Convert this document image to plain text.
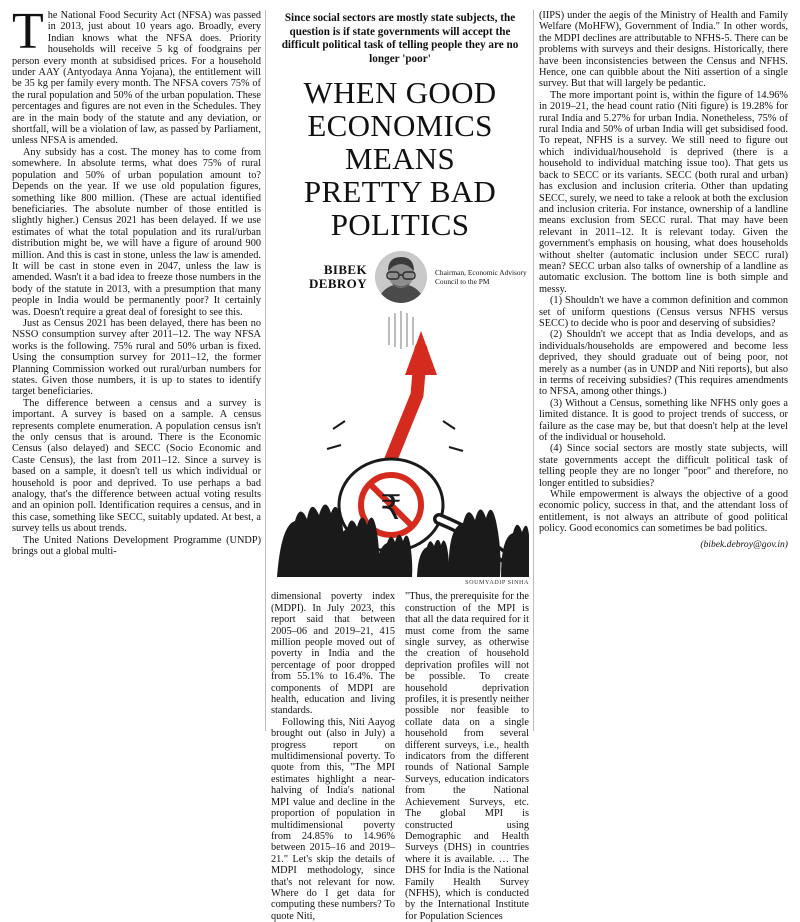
T he National Food Security Act (NFSA) was passed in 2013, just about 10 years ago. Broadly, every Indian knows what the NFSA does. Priority households will receive 5 kg of foodgrains per person every month at subsidised prices. For a household under AAY (Antyodaya Anna Yojana), the entitlement will be 35 kg per family every month. The NFSA covers 75% of the rural population and 50% of the urban population. These percentages and figures are not even in the Schedules. They are in the main body of the statute and any deviation, or shortfall, will be a violation of law, as passed by Parliament, unless NFSA is amended.

Any subsidy has a cost. The money has to come from somewhere. In absolute terms, what does 75% of rural population and 50% of urban population amount to? Depends on the year. If we use old population figures, something like 800 million. (These are actual identified beneficiaries. The absolute number of those entitled is slightly higher.) Census 2021 has been delayed. If we use estimates of what the total population and its rural/urban distribution might be, we will have a figure of around 900 million. And this is cast in stone, unless the law is amended. It will be cast in stone even in 2047, unless the law is amended. Wasn't it a bad idea to freeze those numbers in the body of the statute in 2013, with a presumption that many people in India would be permanently poor? It certainly was. Doesn't require a great deal of foresight to see this.

Just as Census 2021 has been delayed, there has been no NSSO consumption survey after 2011–12. The way NFSA works is the following. 75% rural and 50% urban is fixed. Using the consumption survey for 2011–12, the former Planning Commission worked out rural/urban numbers for states. Given those numbers, it is up to states to identify target beneficiaries.

The difference between a census and a survey is important. A survey is based on a sample. A census represents complete enumeration. A population census isn't the only census that is around. There is the Economic Census (also delayed) and SECC (Socio Economic and Caste Census), the last from 2011–12. Since a survey is based on a sample, it doesn't tell us which individual or household is poor and deprived. To use perhaps a bad analogy, that's the difference between actual voting results and an opinion poll. Identification requires a census, and in this case, something like SECC, suitably updated. At best, a survey tells us about trends.

The United Nations Development Programme (UNDP) brings out a global multi-

Since social sectors are mostly state subjects, the question is if state governments will accept the difficult political task of telling people they are no longer 'poor'
WHEN GOOD
ECONOMICS MEANS
PRETTY BAD POLITICS
BIBEK
DEBROY
Chairman, Economic Advisory Council to the PM
₹
SOUMYADIP SINHA

dimensional poverty index (MDPI). In July 2023, this report said that between 2005–06 and 2019–21, 415 million people moved out of poverty in India and the percentage of poor dropped from 55.1% to 16.4%. The components of MDPI are health, education and living standards.

Following this, Niti Aayog brought out (also in July) a progress report on multidimensional poverty. To quote from this, "The MPI estimates highlight a near-halving of India's national MPI value and decline in the proportion of population in multidimensional poverty from 24.85% to 14.96% between 2015–16 and 2019–21." Let's skip the details of MDPI methodology, since that's not relevant for now. Where do I get data for computing these numbers? To quote Niti,

"Thus, the prerequisite for the construction of the MPI is that all the data required for it must come from the same single survey, as otherwise the creation of household deprivation profiles will not be possible. To create household deprivation profiles, it is presently neither possible nor feasible to collate data on a single household from several different surveys, i.e., health indicators from the different rounds of National Sample Surveys, education indicators from the National Achievement Surveys, etc. The global MPI is constructed using Demographic and Health Surveys (DHS) in countries where it is available. … The DHS for India is the National Family Health Survey (NFHS), which is conducted by the International Institute for Population Sciences

(IIPS) under the aegis of the Ministry of Health and Family Welfare (MoHFW), Government of India." In other words, the MDPI declines are attributable to NFHS-5. There can be problems with surveys and their designs. Historically, there have been inconsistencies between the Census and NFHS. Hence, one can quibble about the Niti assertion of a single survey. But that will largely be pedantic.

The more important point is, within the figure of 14.96% in 2019–21, the head count ratio (Niti figure) is 19.28% for rural India and 5.27% for urban India. Nonetheless, 75% of rural India and 50% of urban India will get subsidised food. To repeat, NFHS is a survey. We still need to figure out which individual/household is deprived (there is a household to individual matching issue too). That gets us back to SECC or its variants. SECC (both rural and urban) has exclusion and inclusion criteria. Other than updating SECC, surely, we need to take a relook at both the exclusion and inclusion criteria. For instance, ownership of a landline means exclusion from SECC rural. That may have been relevant in 2011–12. It is relevant today. Given the government's emphasis on housing, what does households without shelter (automatic inclusion under SECC rural) mean? SECC urban also talks of ownership of a landline as automatic exclusion. The bottom line is both simple and messy.

(1) Shouldn't we have a common definition and common set of uniform questions (Census versus NFHS versus SECC) to decide who is poor and deserving of subsidies?

(2) Shouldn't we accept that as India develops, and as individuals/households are empowered and become less deprived, they should graduate out of being poor, not merely as a number (as in UNDP and Niti reports), but also in terms of receiving subsidies? (This requires amendments to NFSA, among other things.)

(3) Without a Census, something like NFHS only goes a limited distance. It is good to project trends of success, or failure as the case may be, but that doesn't help at the level of the individual or household.

(4) Since social sectors are mostly state subjects, will state governments accept the difficult political task of telling people they are no longer "poor" and therefore, no longer entitled to subsidies?

While empowerment is always the objective of a good economic policy, success in that, and the attendant loss of entitlement, is not always an attribute of good political policy. Good economics can sometimes be bad politics.

(bibek.debroy@gov.in)
